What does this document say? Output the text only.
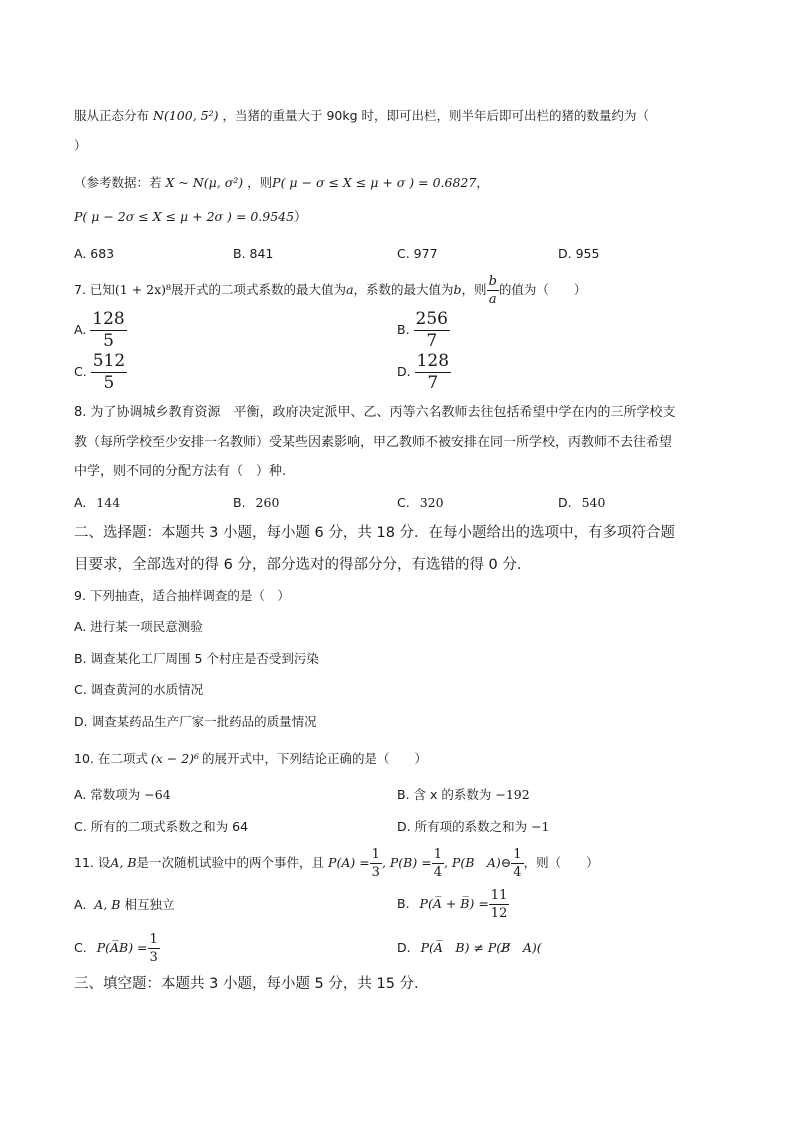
服从正态分布 N(100, 5²) ，当猪的重量大于 90kg 时，即可出栏，则半年后即可出栏的猪的数量约为（
）
（参考数据：若 X ~ N(μ, σ²) ，则P( μ − σ ≤ X ≤ μ + σ ) = 0.6827，
P( μ − 2σ ≤ X ≤ μ + 2σ ) = 0.9545）
A. 683	B. 841	C. 977	D. 955
7. 已知(1 + 2x)⁸展开式的二项式系数的最大值为a，系数的最大值为b，则 $\frac{b}{a}$ 的值为（　　）
A. $\frac{128}{5}$	B. $\frac{256}{7}$
C. $\frac{512}{5}$	D. $\frac{128}{7}$
8. 为了协调城乡教育资源　平衡，政府决定派甲、乙、丙等六名教师去往包括希望中学在内的三所学校支
教（每所学校至少安排一名教师）受某些因素影响，甲乙教师不被安排在同一所学校，丙教师不去往希望
中学，则不同的分配方法有（　）种.
A. 144	B. 260	C. 320	D. 540
二、选择题：本题共 3 小题，每小题 6 分，共 18 分．在每小题给出的选项中，有多项符合题
目要求，全部选对的得 6 分，部分选对的得部分分，有选错的得 0 分．
9. 下列抽查，适合抽样调查的是（　）
A. 进行某一项民意测验
B. 调查某化工厂周围 5 个村庄是否受到污染
C. 调查黄河的水质情况
D. 调查某药品生产厂家一批药品的质量情况
10. 在二项式 (x − 2)⁶ 的展开式中，下列结论正确的是（　　）
A. 常数项为 −64	B. 含 x 的系数为 −192
C. 所有的二项式系数之和为 64	D. 所有项的系数之和为 −1
11. 设A, B是一次随机试验中的两个事件，且 $P(A) = \frac{1}{3}$ , $P(B) = \frac{1}{4}$ , P(B　A)⊖ $\frac{1}{4}$ ，则（　　）
A. A, B 相互独立	B. P(A̅ + B̅) = $\frac{11}{12}$
C. P(A̅B) = $\frac{1}{3}$	D. P(A̅　B) ≠ P(B̸　A)(
三、填空题：本题共 3 小题，每小题 5 分，共 15 分.
